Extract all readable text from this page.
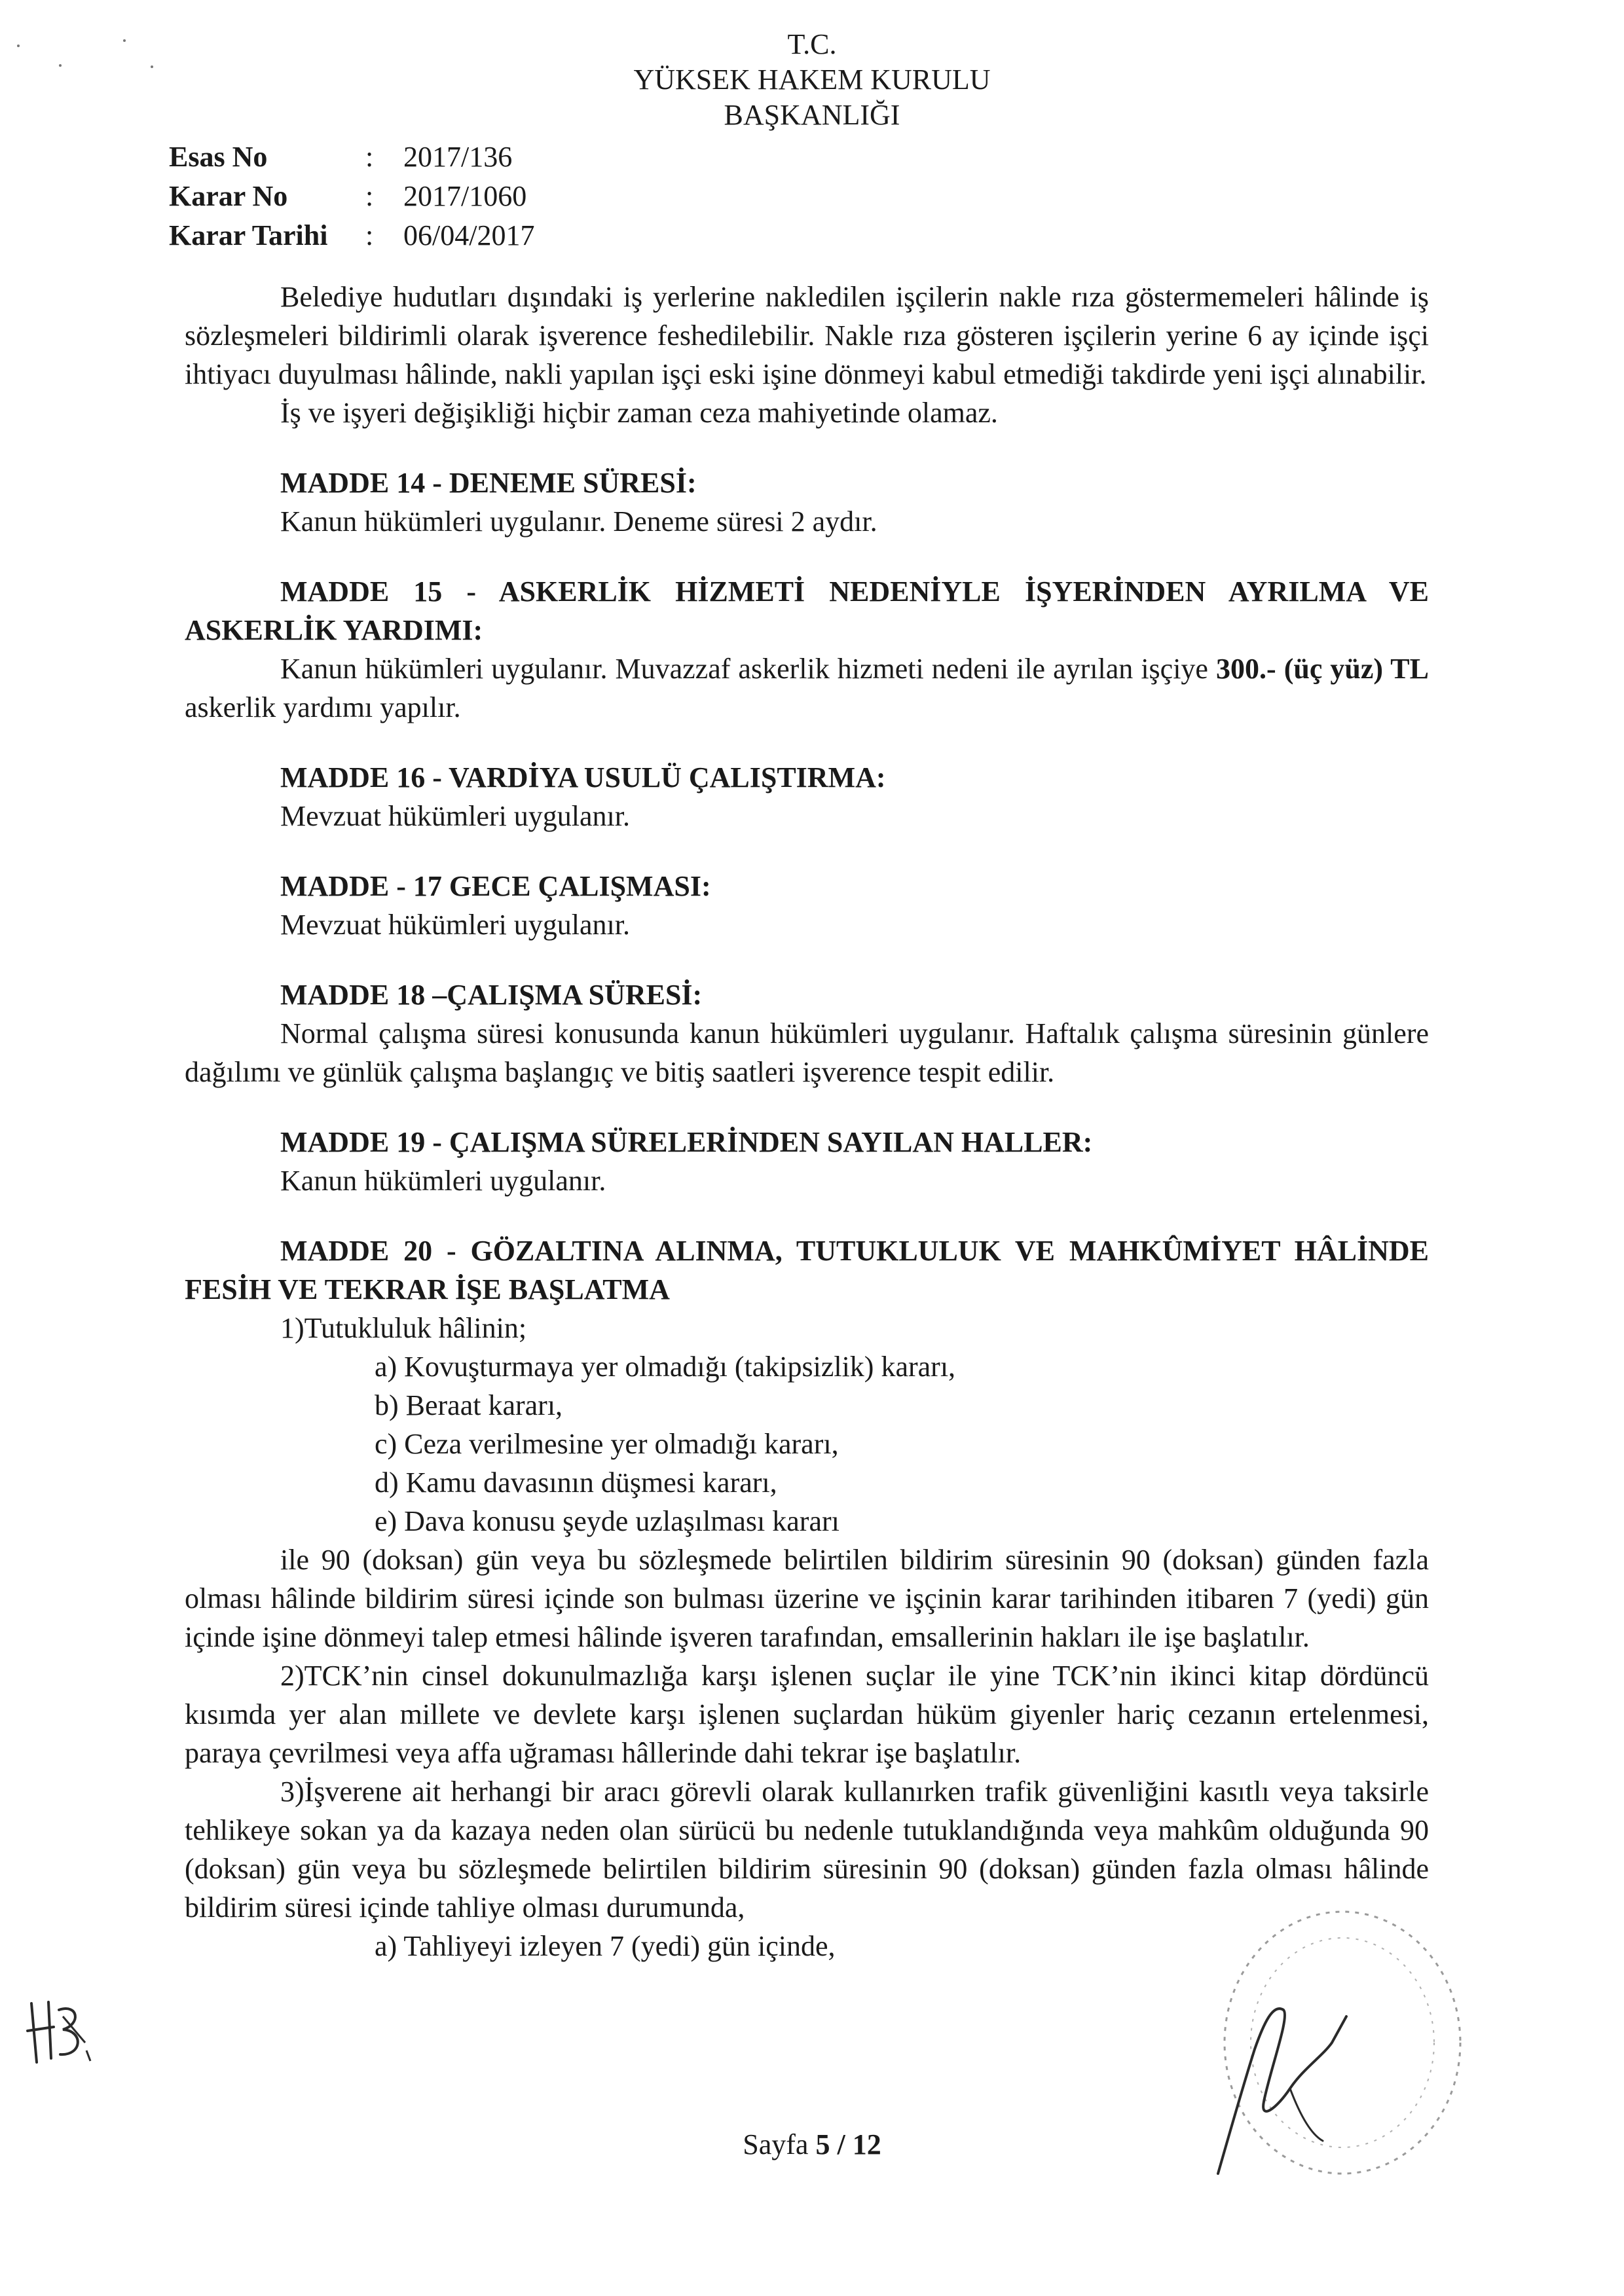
T.C.
YÜKSEK HAKEM KURULU
BAŞKANLIĞI
Esas No	:	2017/136
Karar No	:	2017/1060
Karar Tarihi	:	06/04/2017

Belediye hudutları dışındaki iş yerlerine nakledilen işçilerin nakle rıza göstermemeleri hâlinde iş sözleşmeleri bildirimli olarak işverence feshedilebilir. Nakle rıza gösteren işçilerin yerine 6 ay içinde işçi ihtiyacı duyulması hâlinde, nakli yapılan işçi eski işine dönmeyi kabul etmediği takdirde yeni işçi alınabilir.

İş ve işyeri değişikliği hiçbir zaman ceza mahiyetinde olamaz.

MADDE 14 - DENEME SÜRESİ:

Kanun hükümleri uygulanır. Deneme süresi 2 aydır.

MADDE 15 - ASKERLİK HİZMETİ NEDENİYLE İŞYERİNDEN AYRILMA VE ASKERLİK YARDIMI:

Kanun hükümleri uygulanır. Muvazzaf askerlik hizmeti nedeni ile ayrılan işçiye 300.- (üç yüz) TL askerlik yardımı yapılır.

MADDE 16 - VARDİYA USULÜ ÇALIŞTIRMA:

Mevzuat hükümleri uygulanır.

MADDE - 17 GECE ÇALIŞMASI:

Mevzuat hükümleri uygulanır.

MADDE 18 –ÇALIŞMA SÜRESİ:

Normal çalışma süresi konusunda kanun hükümleri uygulanır. Haftalık çalışma süresinin günlere dağılımı ve günlük çalışma başlangıç ve bitiş saatleri işverence tespit edilir.

MADDE 19 - ÇALIŞMA SÜRELERİNDEN SAYILAN HALLER:

Kanun hükümleri uygulanır.

MADDE 20 - GÖZALTINA ALINMA, TUTUKLULUK VE MAHKÛMİYET HÂLİNDE FESİH VE TEKRAR İŞE BAŞLATMA

1)Tutukluluk hâlinin;

a) Kovuşturmaya yer olmadığı (takipsizlik) kararı,

b) Beraat kararı,

c) Ceza verilmesine yer olmadığı kararı,

d) Kamu davasının düşmesi kararı,

e) Dava konusu şeyde uzlaşılması kararı

ile 90 (doksan) gün veya bu sözleşmede belirtilen bildirim süresinin 90 (doksan) günden fazla olması hâlinde bildirim süresi içinde son bulması üzerine ve işçinin karar tarihinden itibaren 7 (yedi) gün içinde işine dönmeyi talep etmesi hâlinde işveren tarafından, emsallerinin hakları ile işe başlatılır.

2)TCK’nin cinsel dokunulmazlığa karşı işlenen suçlar ile yine TCK’nin ikinci kitap dördüncü kısımda yer alan millete ve devlete karşı işlenen suçlardan hüküm giyenler hariç cezanın ertelenmesi, paraya çevrilmesi veya affa uğraması hâllerinde dahi tekrar işe başlatılır.

3)İşverene ait herhangi bir aracı görevli olarak kullanırken trafik güvenliğini kasıtlı veya taksirle tehlikeye sokan ya da kazaya neden olan sürücü bu nedenle tutuklandığında veya mahkûm olduğunda 90 (doksan) gün veya bu sözleşmede belirtilen bildirim süresinin 90 (doksan) günden fazla olması hâlinde bildirim süresi içinde tahliye olması durumunda,

a) Tahliyeyi izleyen 7 (yedi) gün içinde,

Sayfa 5 / 12
